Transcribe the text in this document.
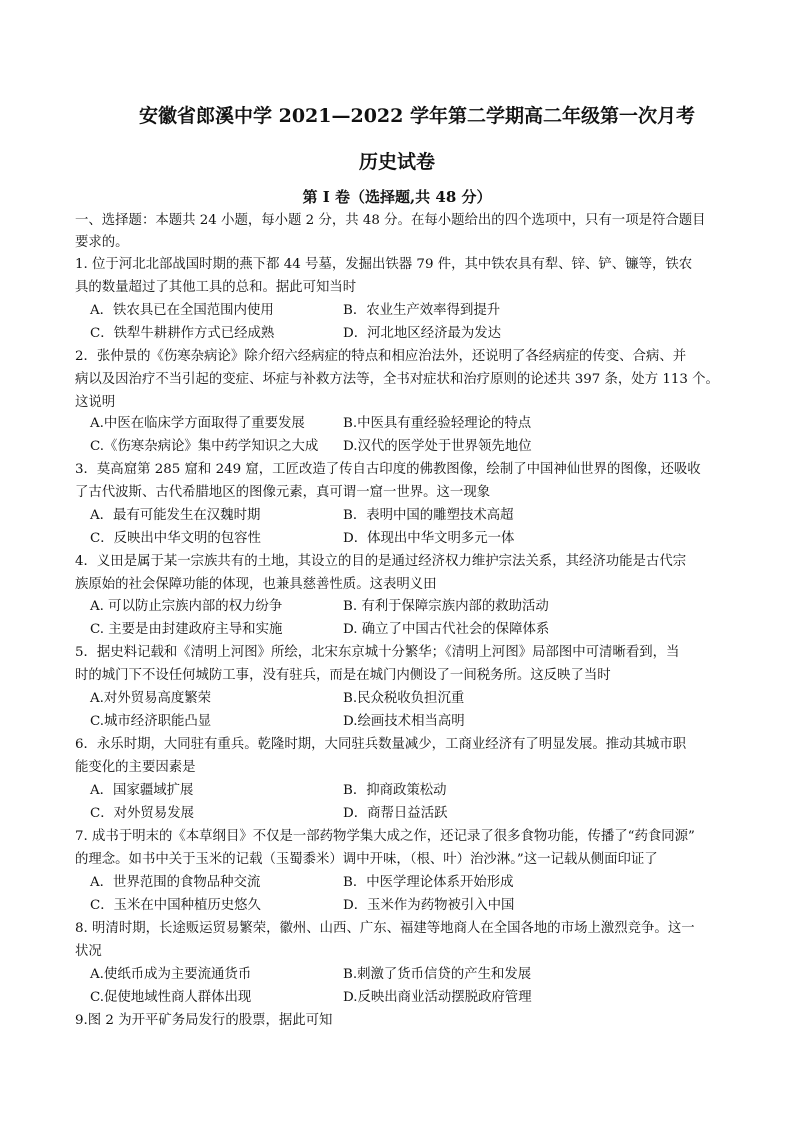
安徽省郎溪中学 2021—2022 学年第二学期高二年级第一次月考
历史试卷
第 I 卷（选择题,共 48 分）
一、选择题：本题共 24 小题，每小题 2 分，共 48 分。在每小题给出的四个选项中，只有一项是符合题目
要求的。
1. 位于河北北部战国时期的燕下都 44 号墓，发掘出铁器 79 件，其中铁农具有犁、锌、铲、镰等，铁农
具的数量超过了其他工具的总和。据此可知当时
A．铁农具已在全国范围内使用	B．农业生产效率得到提升
C．铁犁牛耕耕作方式已经成熟	D．河北地区经济最为发达
2．张仲景的《伤寒杂病论》除介绍六经病症的特点和相应治法外，还说明了各经病症的传变、合病、并
病以及因治疗不当引起的变症、坏症与补救方法等，全书对症状和治疗原则的论述共 397 条，处方 113 个。
这说明
A.中医在临床学方面取得了重要发展	B.中医具有重经验轻理论的特点
C.《伤寒杂病论》集中药学知识之大成 D.汉代的医学处于世界领先地位
3．莫高窟第 285 窟和 249 窟，工匠改造了传自古印度的佛教图像，绘制了中国神仙世界的图像，还吸收
了古代波斯、古代希腊地区的图像元素，真可谓一窟一世界。这一现象
A．最有可能发生在汉魏时期	B．表明中国的雕塑技术高超
C．反映出中华文明的包容性	D．体现出中华文明多元一体
4．义田是属于某一宗族共有的土地，其设立的目的是通过经济权力维护宗法关系，其经济功能是古代宗
族原始的社会保障功能的体现，也兼具慈善性质。这表明义田
A. 可以防止宗族内部的权力纷争	B. 有利于保障宗族内部的救助活动
C. 主要是由封建政府主导和实施	D. 确立了中国古代社会的保障体系
5．据史料记载和《清明上河图》所绘，北宋东京城十分繁华；《清明上河图》局部图中可清晰看到，当
时的城门下不设任何城防工事，没有驻兵，而是在城门内侧设了一间税务所。这反映了当时
A.对外贸易高度繁荣	B.民众税收负担沉重
C.城市经济职能凸显	D.绘画技术相当高明
6．永乐时期，大同驻有重兵。乾隆时期，大同驻兵数量减少，工商业经济有了明显发展。推动其城市职
能变化的主要因素是
A．国家疆域扩展	B．抑商政策松动
C．对外贸易发展	D．商帮日益活跃
7. 成书于明末的《本草纲目》不仅是一部药物学集大成之作，还记录了很多食物功能，传播了“药食同源”
的理念。如书中关于玉米的记载（玉蜀黍米）调中开味，（根、叶）治沙淋。”这一记载从侧面印证了
A．世界范围的食物品种交流	B．中医学理论体系开始形成
C．玉米在中国种植历史悠久	D．玉米作为药物被引入中国
8. 明清时期，长途贩运贸易繁荣，徽州、山西、广东、福建等地商人在全国各地的市场上激烈竞争。这一
状况
A.使纸币成为主要流通货币	B.刺激了货币信贷的产生和发展
C.促使地域性商人群体出现	D.反映出商业活动摆脱政府管理
9.图 2 为开平矿务局发行的股票，据此可知
